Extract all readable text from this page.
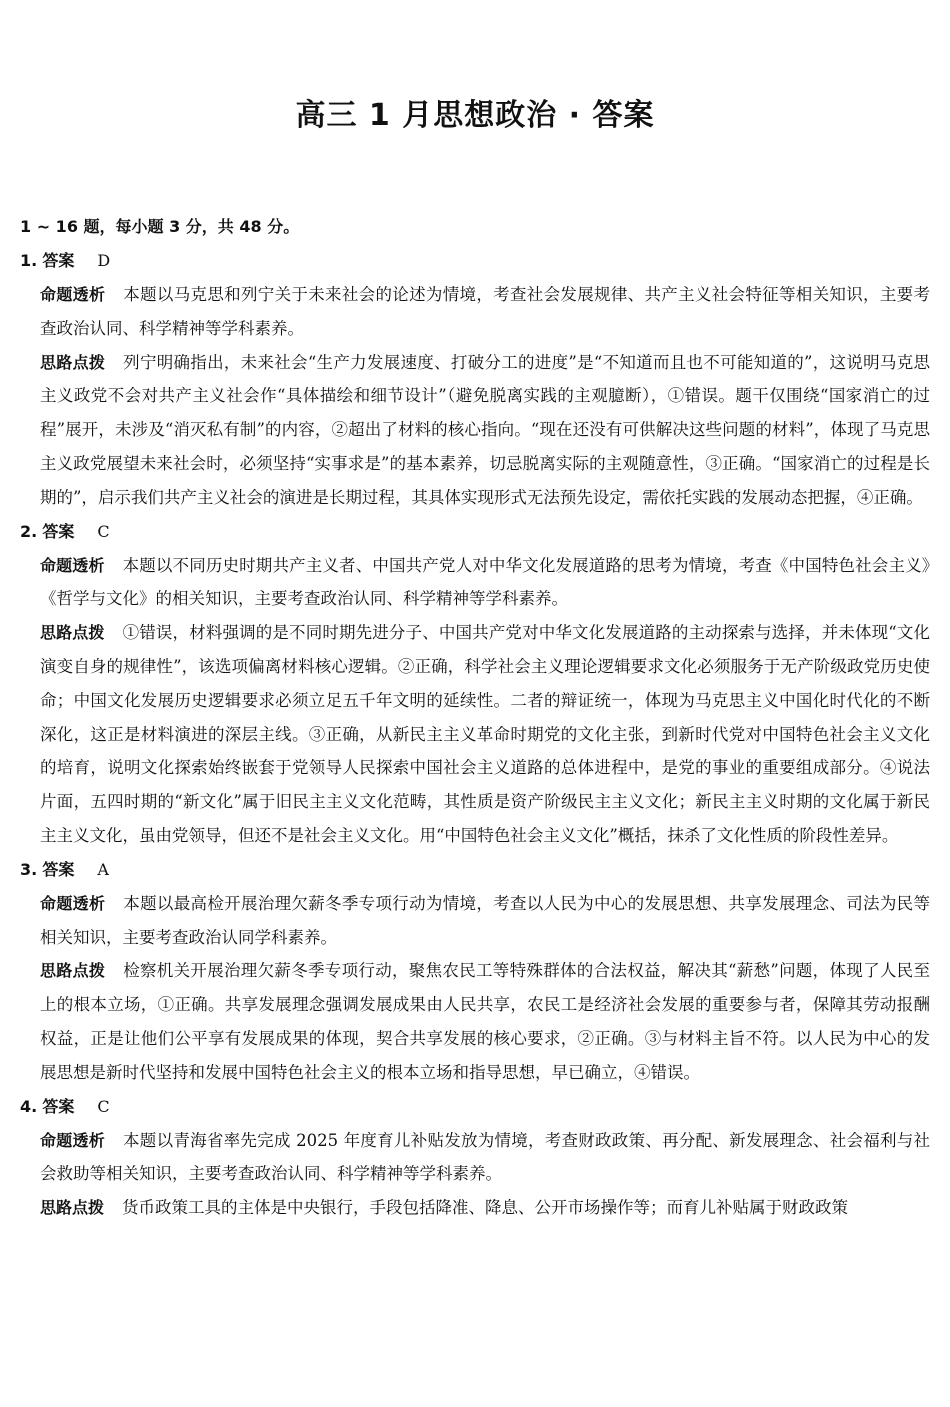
高三 1 月思想政治 · 答案
1 ~ 16 题，每小题 3 分，共 48 分。
1. 答案 D
命题透析 本题以马克思和列宁关于未来社会的论述为情境，考查社会发展规律、共产主义社会特征等相关知识，主要考查政治认同、科学精神等学科素养。
思路点拨 列宁明确指出，未来社会“生产力发展速度、打破分工的进度”是“不知道而且也不可能知道的”，这说明马克思主义政党不会对共产主义社会作“具体描绘和细节设计”（避免脱离实践的主观臆断），①错误。题干仅围绕“国家消亡的过程”展开，未涉及“消灭私有制”的内容，②超出了材料的核心指向。“现在还没有可供解决这些问题的材料”，体现了马克思主义政党展望未来社会时，必须坚持“实事求是”的基本素养，切忌脱离实际的主观随意性，③正确。“国家消亡的过程是长期的”，启示我们共产主义社会的演进是长期过程，其具体实现形式无法预先设定，需依托实践的发展动态把握，④正确。
2. 答案 C
命题透析 本题以不同历史时期共产主义者、中国共产党人对中华文化发展道路的思考为情境，考查《中国特色社会主义》《哲学与文化》的相关知识，主要考查政治认同、科学精神等学科素养。
思路点拨 ①错误，材料强调的是不同时期先进分子、中国共产党对中华文化发展道路的主动探索与选择，并未体现“文化演变自身的规律性”，该选项偏离材料核心逻辑。②正确，科学社会主义理论逻辑要求文化必须服务于无产阶级政党历史使命；中国文化发展历史逻辑要求必须立足五千年文明的延续性。二者的辩证统一，体现为马克思主义中国化时代化的不断深化，这正是材料演进的深层主线。③正确，从新民主主义革命时期党的文化主张，到新时代党对中国特色社会主义文化的培育，说明文化探索始终嵌套于党领导人民探索中国社会主义道路的总体进程中，是党的事业的重要组成部分。④说法片面，五四时期的“新文化”属于旧民主主义文化范畴，其性质是资产阶级民主主义文化；新民主主义时期的文化属于新民主主义文化，虽由党领导，但还不是社会主义文化。用“中国特色社会主义文化”概括，抹杀了文化性质的阶段性差异。
3. 答案 A
命题透析 本题以最高检开展治理欠薪冬季专项行动为情境，考查以人民为中心的发展思想、共享发展理念、司法为民等相关知识，主要考查政治认同学科素养。
思路点拨 检察机关开展治理欠薪冬季专项行动，聚焦农民工等特殊群体的合法权益，解决其“薪愁”问题，体现了人民至上的根本立场，①正确。共享发展理念强调发展成果由人民共享，农民工是经济社会发展的重要参与者，保障其劳动报酬权益，正是让他们公平享有发展成果的体现，契合共享发展的核心要求，②正确。③与材料主旨不符。以人民为中心的发展思想是新时代坚持和发展中国特色社会主义的根本立场和指导思想，早已确立，④错误。
4. 答案 C
命题透析 本题以青海省率先完成 2025 年度育儿补贴发放为情境，考查财政政策、再分配、新发展理念、社会福利与社会救助等相关知识，主要考查政治认同、科学精神等学科素养。
思路点拨 货币政策工具的主体是中央银行，手段包括降准、降息、公开市场操作等；而育儿补贴属于财政政策
